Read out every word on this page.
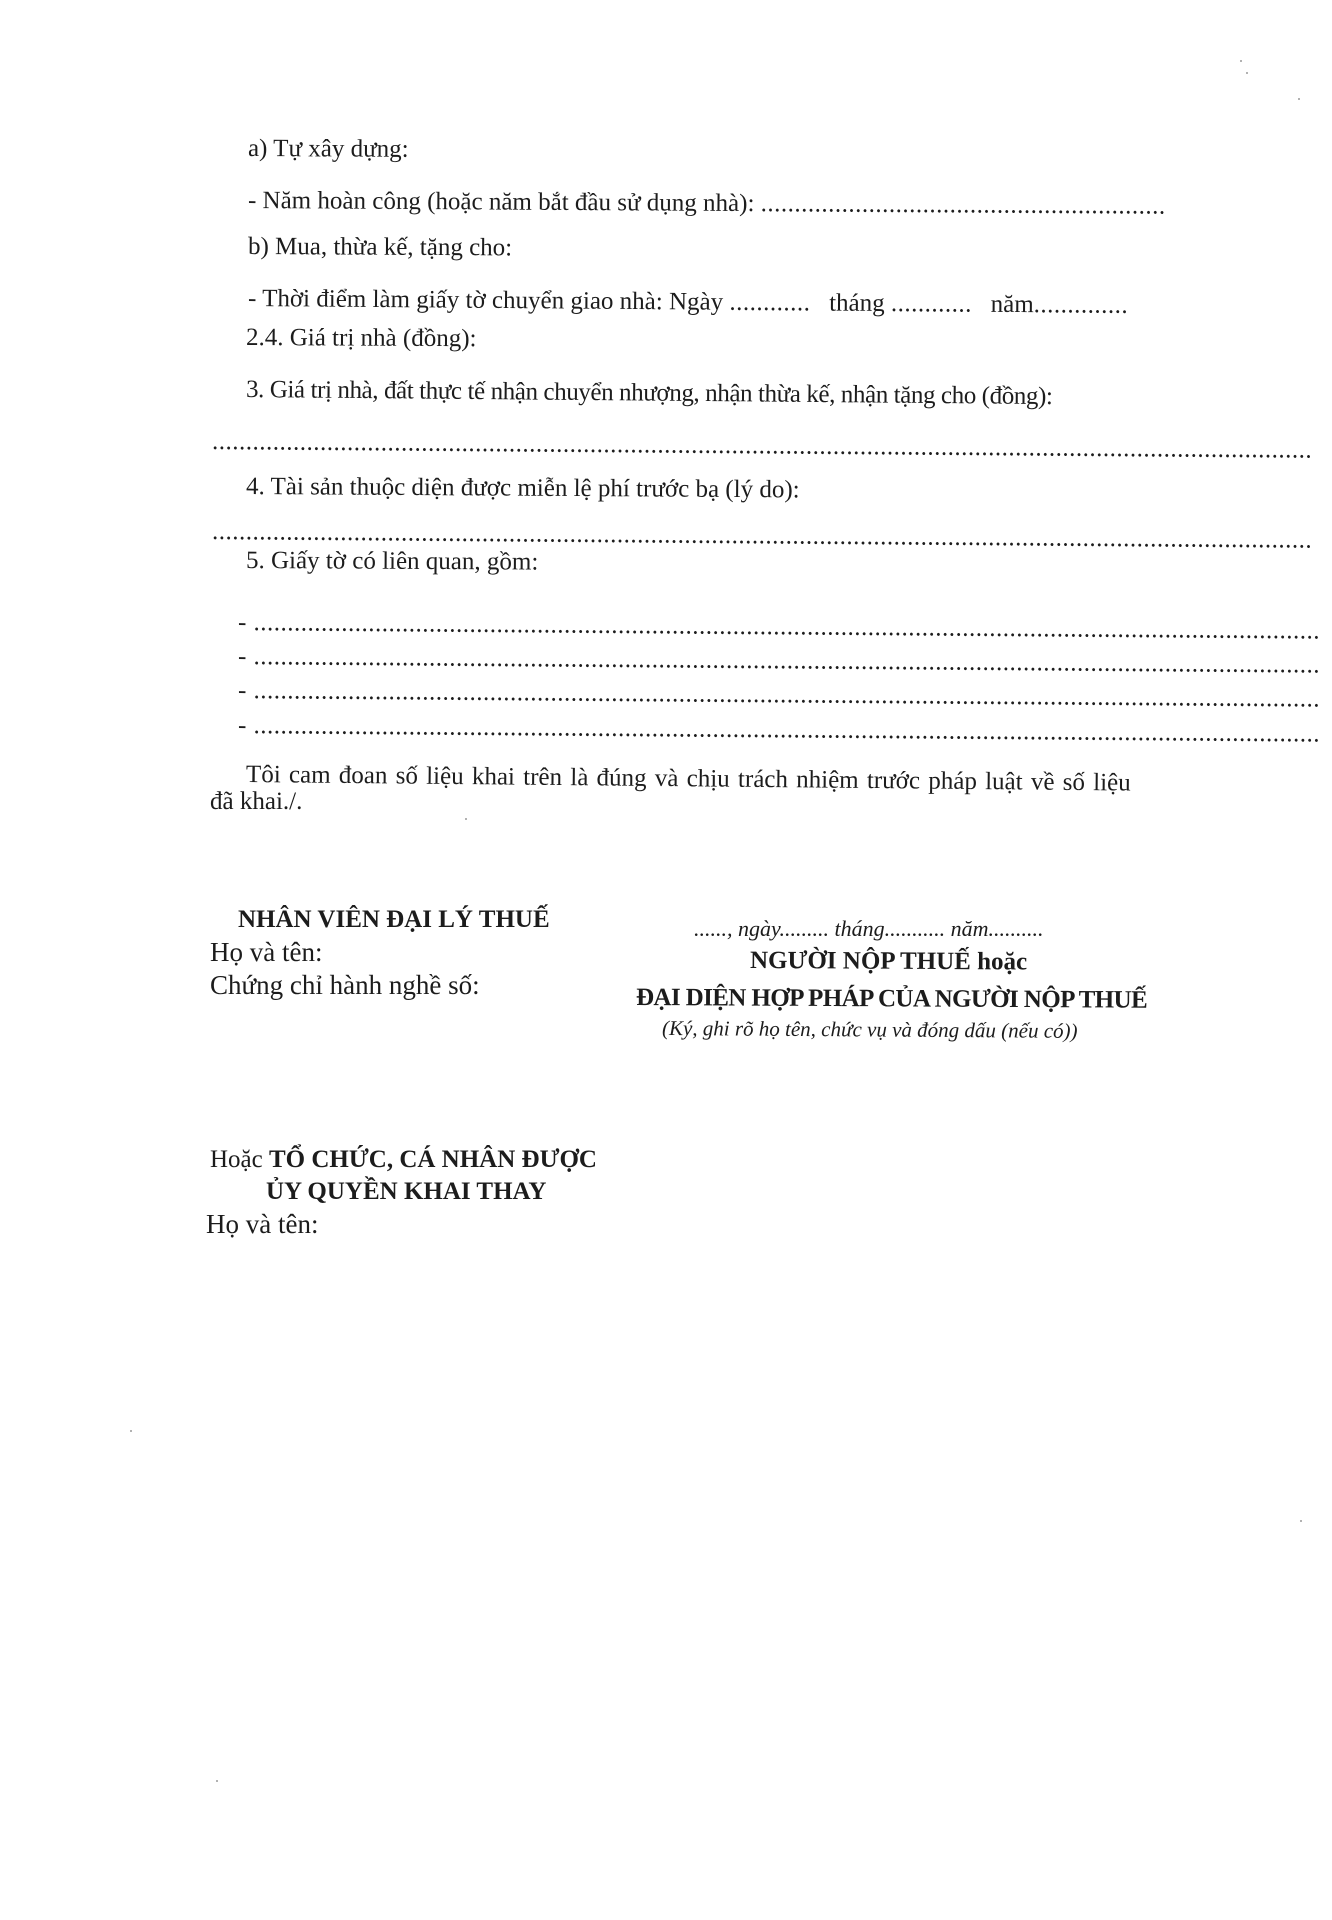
a) Tự xây dựng:
- Năm hoàn công (hoặc năm bắt đầu sử dụng nhà): ............................................................
b) Mua, thừa kế, tặng cho:
- Thời điểm làm giấy tờ chuyển giao nhà: Ngày ............ tháng ............ năm..............
2.4. Giá trị nhà (đồng):
3. Giá trị nhà, đất thực tế nhận chuyển nhượng, nhận thừa kế, nhận tặng cho (đồng):
...................................................................................................................................................................
4. Tài sản thuộc diện được miễn lệ phí trước bạ (lý do):
...................................................................................................................................................................
5. Giấy tờ có liên quan, gồm:
- ..............................................................................................................................................................
- ..............................................................................................................................................................
- ..............................................................................................................................................................
- ..............................................................................................................................................................
Tôi cam đoan số liệu khai trên là đúng và chịu trách nhiệm trước pháp luật về số liệu
đã khai./.
NHÂN VIÊN ĐẠI LÝ THUẾ
Họ và tên:
Chứng chỉ hành nghề số:
......, ngày......... tháng........... năm..........
NGƯỜI NỘP THUẾ hoặc
ĐẠI DIỆN HỢP PHÁP CỦA NGƯỜI NỘP THUẾ
(Ký, ghi rõ họ tên, chức vụ và đóng dấu (nếu có))
Hoặc TỔ CHỨC, CÁ NHÂN ĐƯỢC
ỦY QUYỀN KHAI THAY
Họ và tên:
